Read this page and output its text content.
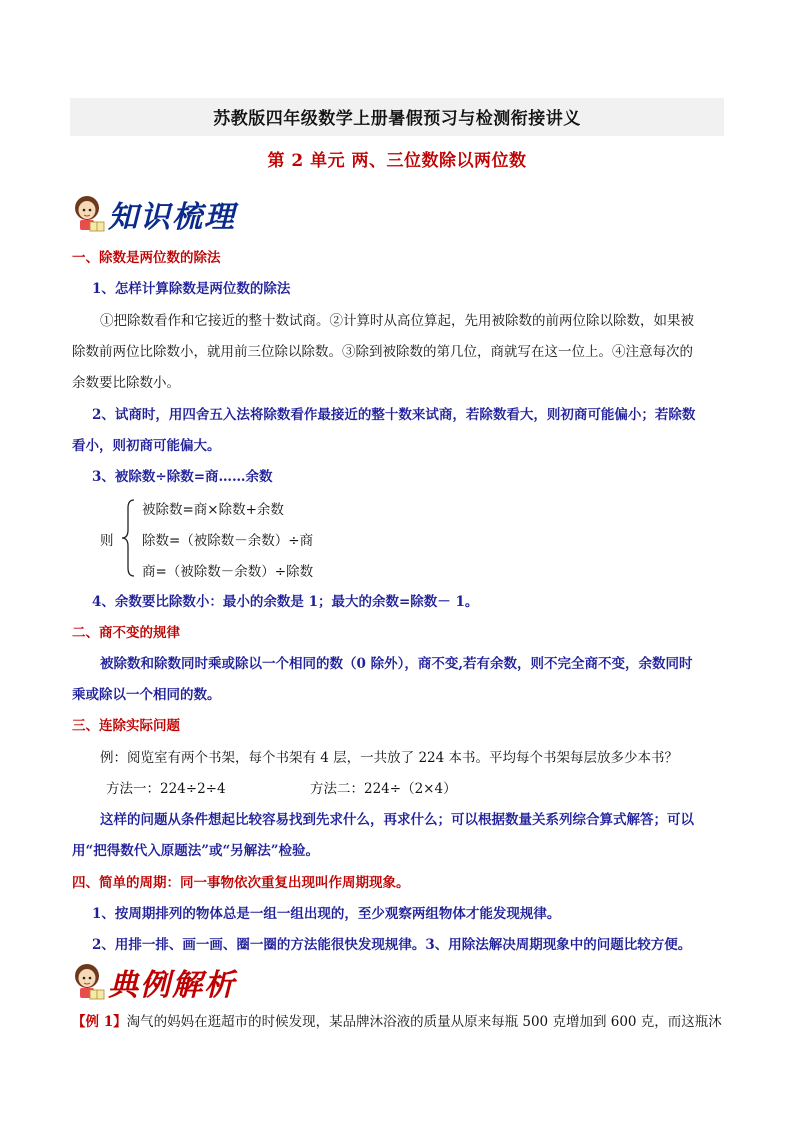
苏教版四年级数学上册暑假预习与检测衔接讲义
第 2 单元 两、三位数除以两位数
知识梳理
一、除数是两位数的除法
1、怎样计算除数是两位数的除法
①把除数看作和它接近的整十数试商。②计算时从高位算起，先用被除数的前两位除以除数，如果被
除数前两位比除数小，就用前三位除以除数。③除到被除数的第几位，商就写在这一位上。④注意每次的
余数要比除数小。
2、试商时，用四舍五入法将除数看作最接近的整十数来试商，若除数看大，则初商可能偏小；若除数
看小，则初商可能偏大。
3、被除数÷除数=商……余数
则
被除数=商×除数+余数
除数=（被除数－余数）÷商
商=（被除数－余数）÷除数
4、余数要比除数小：最小的余数是 1；最大的余数=除数－ 1。
二、商不变的规律
被除数和除数同时乘或除以一个相同的数（0 除外），商不变,若有余数，则不完全商不变，余数同时
乘或除以一个相同的数。
三、连除实际问题
例：阅览室有两个书架，每个书架有 4 层，一共放了 224 本书。平均每个书架每层放多少本书？
方法一：224÷2÷4	方法二：224÷（2×4）
这样的问题从条件想起比较容易找到先求什么，再求什么；可以根据数量关系列综合算式解答；可以
用“把得数代入原题法”或“另解法”检验。
四、简单的周期：同一事物依次重复出现叫作周期现象。
1、按周期排列的物体总是一组一组出现的，至少观察两组物体才能发现规律。
2、用排一排、画一画、圈一圈的方法能很快发现规律。3、用除法解决周期现象中的问题比较方便。
典例解析
【例 1】淘气的妈妈在逛超市的时候发现，某品牌沐浴液的质量从原来每瓶 500 克增加到 600 克，而这瓶沐
